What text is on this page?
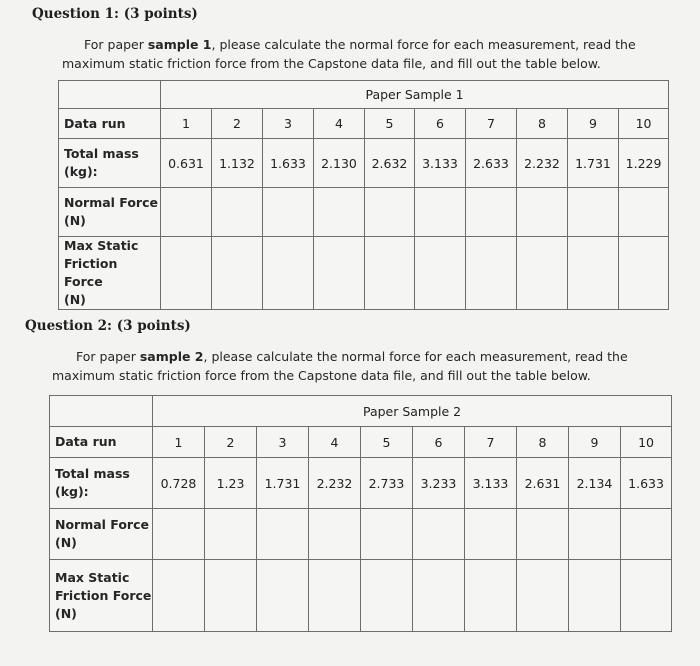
Question 1: (3 points)
For paper sample 1, please calculate the normal force for each measurement, read the maximum static friction force from the Capstone data file, and fill out the table below.
	Paper Sample 1									
Data run	1	2	3	4	5	6	7	8	9	10

Total mass
(kg):	0.631	1.132	1.633	2.130	2.632	3.133	2.633	2.232	1.731	1.229

Normal Force
(N)										

Max Static
Friction Force
(N)										

Question 2: (3 points)
For paper sample 2, please calculate the normal force for each measurement, read the maximum static friction force from the Capstone data file, and fill out the table below.
	Paper Sample 2									
Data run	1	2	3	4	5	6	7	8	9	10

Total mass
(kg):	0.728	1.23	1.731	2.232	2.733	3.233	3.133	2.631	2.134	1.633

Normal Force
(N)										

Max Static
Friction Force
(N)										
